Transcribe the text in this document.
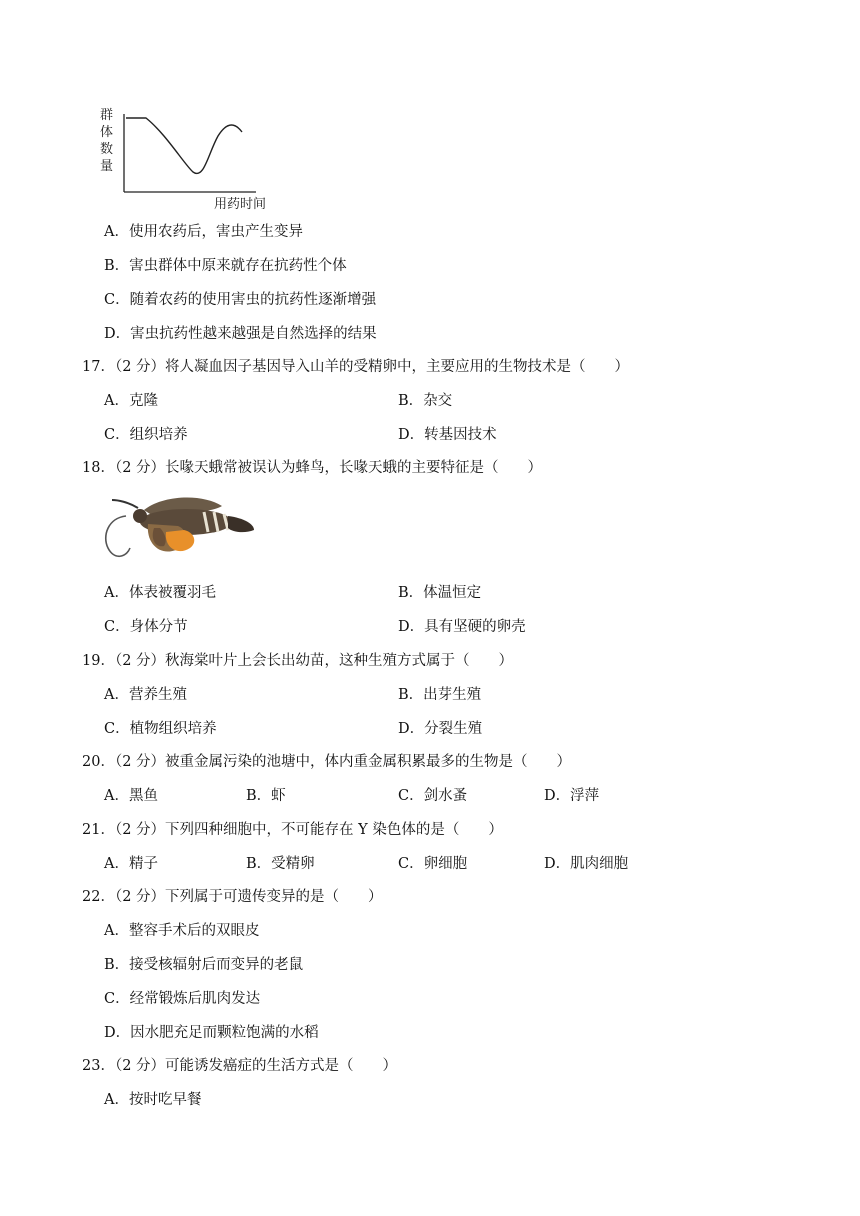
群
体
数
量
用药时间
A．使用农药后，害虫产生变异
B．害虫群体中原来就存在抗药性个体
C．随着农药的使用害虫的抗药性逐渐增强
D．害虫抗药性越来越强是自然选择的结果
17．（2 分）将人凝血因子基因导入山羊的受精卵中，主要应用的生物技术是（　　）
A．克隆	B．杂交
C．组织培养	D．转基因技术
18．（2 分）长喙天蛾常被误认为蜂鸟，长喙天蛾的主要特征是（　　）
A．体表被覆羽毛	B．体温恒定
C．身体分节	D．具有坚硬的卵壳
19．（2 分）秋海棠叶片上会长出幼苗，这种生殖方式属于（　　）
A．营养生殖	B．出芽生殖
C．植物组织培养	D．分裂生殖
20．（2 分）被重金属污染的池塘中，体内重金属积累最多的生物是（　　）
A．黑鱼	B．虾	C．剑水蚤	D．浮萍
21．（2 分）下列四种细胞中，不可能存在 Y 染色体的是（　　）
A．精子	B．受精卵	C．卵细胞	D．肌肉细胞
22．（2 分）下列属于可遗传变异的是（　　）
A．整容手术后的双眼皮
B．接受核辐射后而变异的老鼠
C．经常锻炼后肌肉发达
D．因水肥充足而颗粒饱满的水稻
23．（2 分）可能诱发癌症的生活方式是（　　）
A．按时吃早餐
